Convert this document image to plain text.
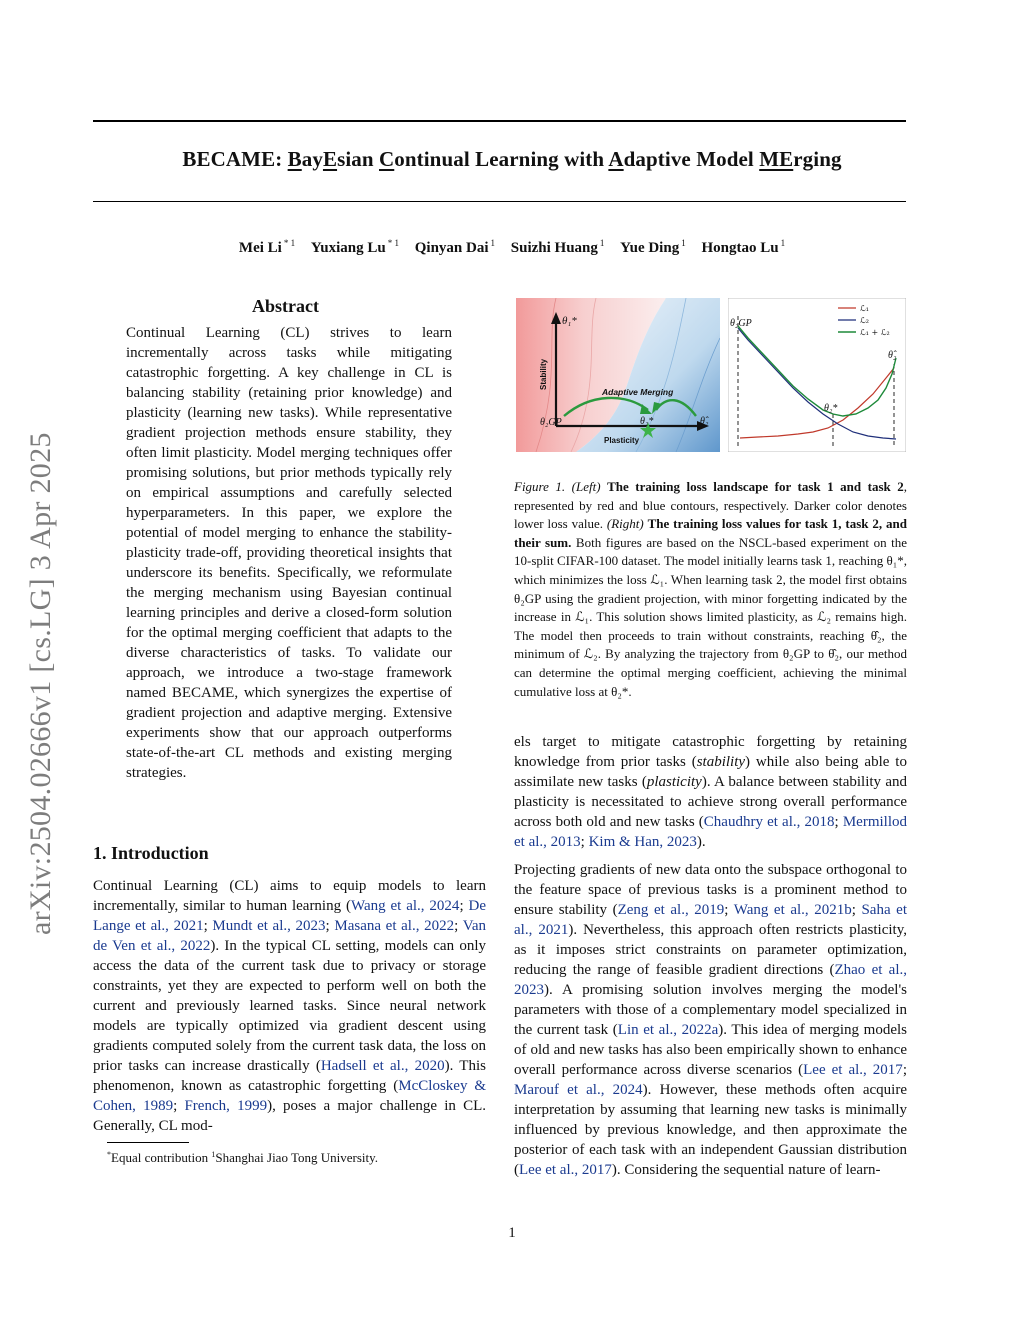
BECAME: BayEsian Continual Learning with Adaptive Model MErging
Mei Li $^{* 1}$ Yuxiang Lu $^{* 1}$ Qinyan Dai $^1$ Suizhi Huang $^1$ Yue Ding $^1$ Hongtao Lu $^1$
arXiv:2504.02666v1 [cs.LG] 3 Apr 2025
Abstract

Continual Learning (CL) strives to learn incrementally across tasks while mitigating catastrophic forgetting. A key challenge in CL is balancing stability (retaining prior knowledge) and plasticity (learning new tasks). While representative gradient projection methods ensure stability, they often limit plasticity. Model merging techniques offer promising solutions, but prior methods typically rely on empirical assumptions and carefully selected hyperparameters. In this paper, we explore the potential of model merging to enhance the stability-plasticity trade-off, providing theoretical insights that underscore its benefits. Specifically, we reformulate the merging mechanism using Bayesian continual learning principles and derive a closed-form solution for the optimal merging coefficient that adapts to the diverse characteristics of tasks. To validate our approach, we introduce a two-stage framework named BECAME, which synergizes the expertise of gradient projection and adaptive merging. Extensive experiments show that our approach outperforms state-of-the-art CL methods and existing merging strategies.

1. Introduction

Continual Learning (CL) aims to equip models to learn incrementally, similar to human learning (Wang et al., 2024; De Lange et al., 2021; Mundt et al., 2023; Masana et al., 2022; Van de Ven et al., 2022). In the typical CL setting, models can only access the data of the current task due to privacy or storage constraints, yet they are expected to perform well on both the current and previously learned tasks. Since neural network models are typically optimized via gradient descent using gradients computed solely from the current task data, the loss on prior tasks can increase drastically (Hadsell et al., 2020). This phenomenon, known as catastrophic forgetting (McCloskey & Cohen, 1989; French, 1999), poses a major challenge in CL. Generally, CL mod-

*Equal contribution $^1$Shanghai Jiao Tong University.
θ₁*
θ₂GP	θ₂*	θ̂₂
Stability
Plasticity
Adaptive Merging
ℒ₁
ℒ₂
ℒ₁ + ℒ₂
θ₂GP
θ₂*
θ̂₂

Figure 1. (Left) The training loss landscape for task 1 and task 2, represented by red and blue contours, respectively. Darker color denotes lower loss value. (Right) The training loss values for task 1, task 2, and their sum. Both figures are based on the NSCL-based experiment on the 10-split CIFAR-100 dataset. The model initially learns task 1, reaching θ₁*, which minimizes the loss ℒ₁. When learning task 2, the model first obtains θ₂GP using the gradient projection, with minor forgetting indicated by the increase in ℒ₁. This solution shows limited plasticity, as ℒ₂ remains high. The model then proceeds to train without constraints, reaching θ̂₂, the minimum of ℒ₂. By analyzing the trajectory from θ₂GP to θ̂₂, our method can determine the optimal merging coefficient, achieving the minimal cumulative loss at θ₂*.

els target to mitigate catastrophic forgetting by retaining knowledge from prior tasks (stability) while also being able to assimilate new tasks (plasticity). A balance between stability and plasticity is necessitated to achieve strong overall performance across both old and new tasks (Chaudhry et al., 2018; Mermillod et al., 2013; Kim & Han, 2023).

Projecting gradients of new data onto the subspace orthogonal to the feature space of previous tasks is a prominent method to ensure stability (Zeng et al., 2019; Wang et al., 2021b; Saha et al., 2021). Nevertheless, this approach often restricts plasticity, as it imposes strict constraints on parameter optimization, reducing the range of feasible gradient directions (Zhao et al., 2023). A promising solution involves merging the model's parameters with those of a complementary model specialized in the current task (Lin et al., 2022a). This idea of merging models of old and new tasks has also been empirically shown to enhance overall performance across diverse scenarios (Lee et al., 2017; Marouf et al., 2024). However, these methods often acquire interpretation by assuming that learning new tasks is minimally influenced by previous knowledge, and then approximate the posterior of each task with an independent Gaussian distribution (Lee et al., 2017). Considering the sequential nature of learn-

1
